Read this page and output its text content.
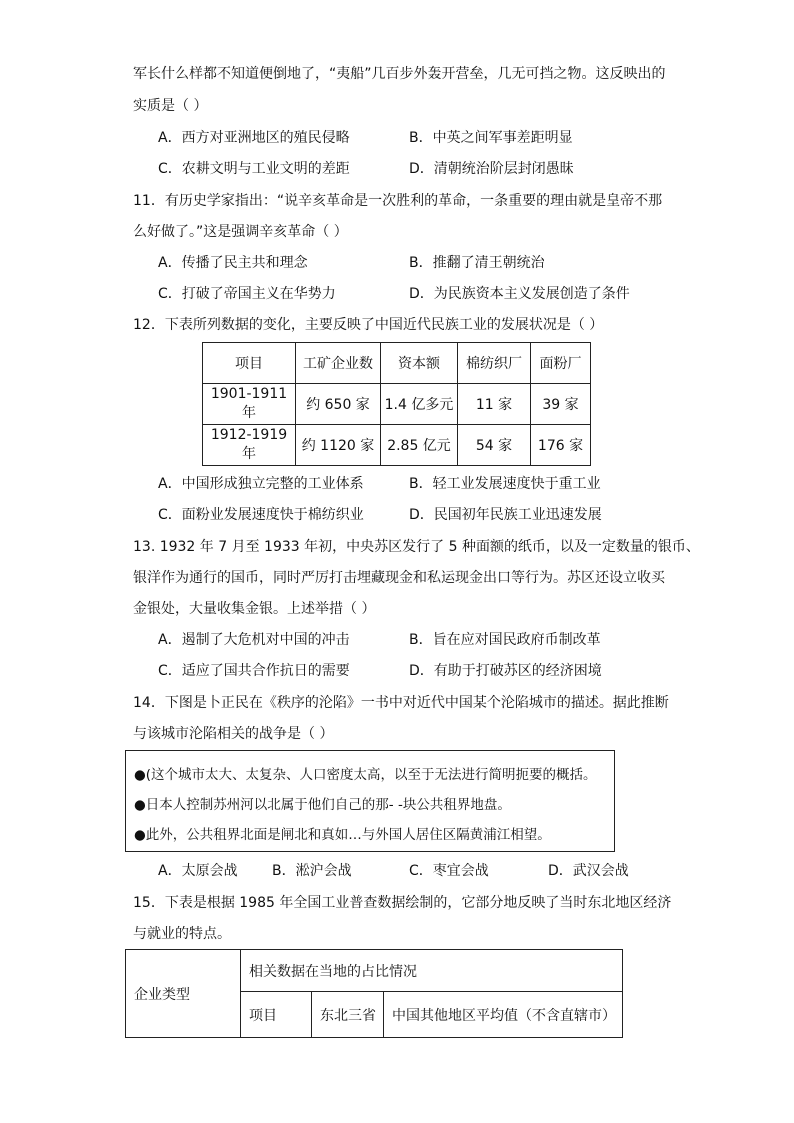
军长什么样都不知道便倒地了，“夷船”几百步外轰开营垒，几无可挡之物。这反映出的
实质是（ ）
A．西方对亚洲地区的殖民侵略	B．中英之间军事差距明显
C．农耕文明与工业文明的差距	D．清朝统治阶层封闭愚昧
11．有历史学家指出：“说辛亥革命是一次胜利的革命，一条重要的理由就是皇帝不那
么好做了。”这是强调辛亥革命（ ）
A．传播了民主共和理念	B．推翻了清王朝统治
C．打破了帝国主义在华势力	D．为民族资本主义发展创造了条件
12．下表所列数据的变化，主要反映了中国近代民族工业的发展状况是（ ）
项目	工矿企业数	资本额	棉纺织厂	面粉厂
1901-1911 年	约 650 家	1.4 亿多元	11 家	39 家
1912-1919 年	约 1120 家	2.85 亿元	54 家	176 家
A．中国形成独立完整的工业体系	B．轻工业发展速度快于重工业
C．面粉业发展速度快于棉纺织业	D．民国初年民族工业迅速发展
13. 1932 年 7 月至 1933 年初，中央苏区发行了 5 种面额的纸币，以及一定数量的银币、
银洋作为通行的国币，同时严厉打击埋藏现金和私运现金出口等行为。苏区还设立收买
金银处，大量收集金银。上述举措（ ）
A．遏制了大危机对中国的冲击	B．旨在应对国民政府币制改革
C．适应了国共合作抗日的需要	D．有助于打破苏区的经济困境
14．下图是卜正民在《秩序的沦陷》一书中对近代中国某个沦陷城市的描述。据此推断
与该城市沦陷相关的战争是（ ）
●(这个城市太大、太复杂、人口密度太高，以至于无法进行简明扼要的概括。
●日本人控制苏州河以北属于他们自己的那- -块公共租界地盘。
●此外，公共租界北面是闸北和真如…与外国人居住区隔黄浦江相望。
A．太原会战 B．淞沪会战	C．枣宜会战	D．武汉会战
15．下表是根据 1985 年全国工业普查数据绘制的，它部分地反映了当时东北地区经济
与就业的特点。
企业类型	相关数据在当地的占比情况		
	项目	东北三省	中国其他地区平均值（不含直辖市）
